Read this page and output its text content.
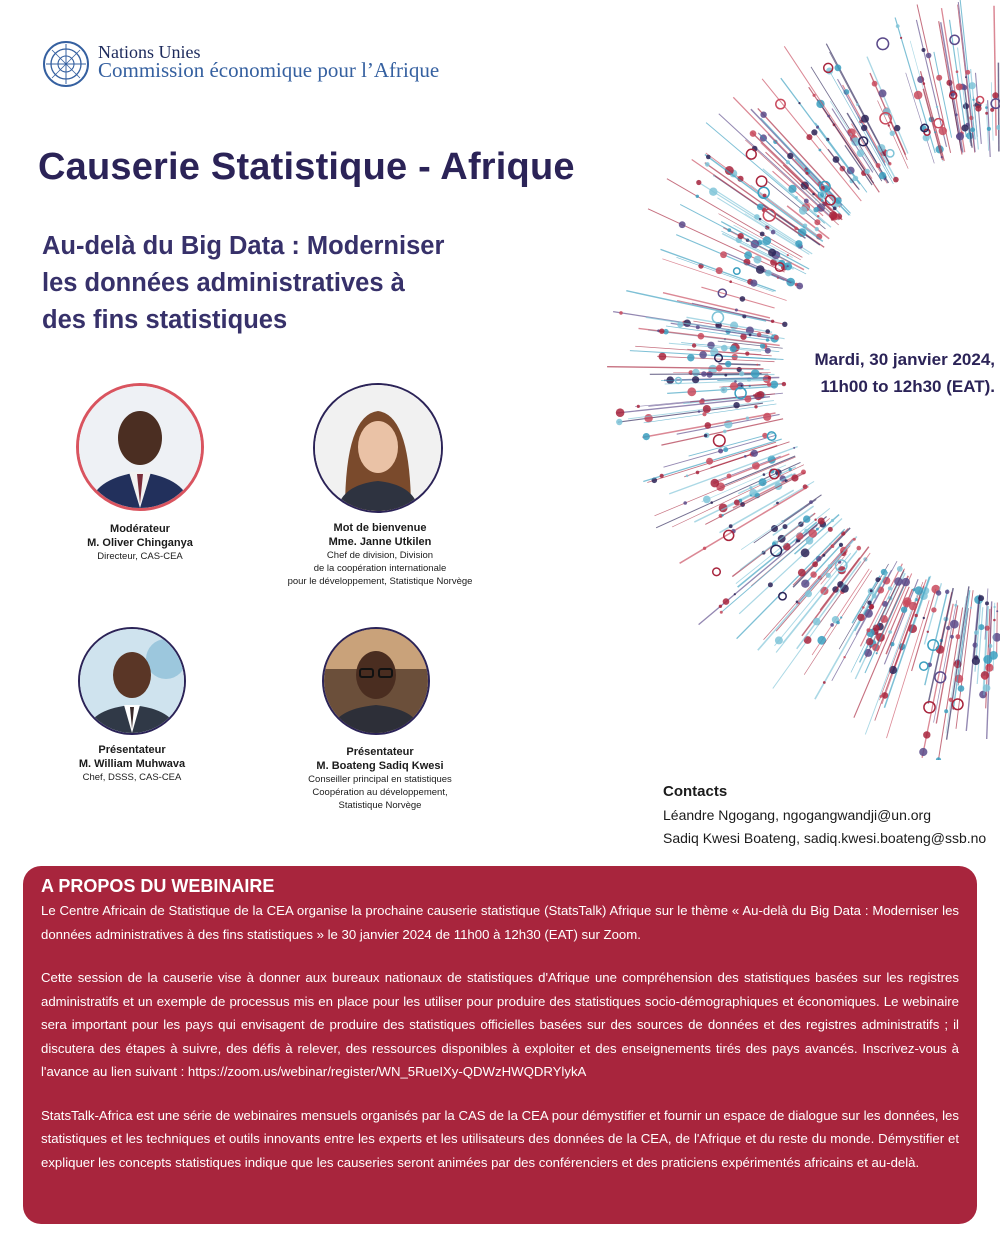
Nations Unies
Commission économique pour l’Afrique
Causerie Statistique - Afrique
Au-delà du Big Data : Moderniser
les données administratives à
des fins statistiques
Mardi, 30 janvier 2024,
11h00 to 12h30 (EAT).
Modérateur
M. Oliver Chinganya
Directeur, CAS-CEA
Mot de bienvenue
Mme. Janne Utkilen
Chef de division, Division
de la coopération internationale
pour le développement, Statistique Norvège
Présentateur
M. William Muhwava
Chef, DSSS, CAS-CEA
Présentateur
M. Boateng Sadiq Kwesi
Conseiller principal en statistiques
Coopération au développement,
Statistique Norvège
Contacts
Léandre Ngogang, ngogangwandji@un.org
Sadiq Kwesi Boateng, sadiq.kwesi.boateng@ssb.no
A PROPOS DU WEBINAIRE

Le Centre Africain de Statistique de la CEA organise la prochaine causerie statistique (StatsTalk) Afrique sur le thème « Au-delà du Big Data : Moderniser les données administratives à des fins statistiques » le 30 janvier 2024 de 11h00 à 12h30 (EAT) sur Zoom.

Cette session de la causerie vise à donner aux bureaux nationaux de statistiques d'Afrique une compréhension des statistiques basées sur les registres administratifs et un exemple de processus mis en place pour les utiliser pour produire des statistiques socio-démographiques et économiques. Le webinaire sera important pour les pays qui envisagent de produire des statistiques officielles basées sur des sources de données et des registres administratifs ; il discutera des étapes à suivre, des défis à relever, des ressources disponibles à exploiter et des enseignements tirés des pays avancés. Inscrivez-vous à l'avance au lien suivant : https://zoom.us/webinar/register/WN_5RueIXy-QDWzHWQDRYlykA

StatsTalk-Africa est une série de webinaires mensuels organisés par la CAS de la CEA pour démystifier et fournir un espace de dialogue sur les données, les statistiques et les techniques et outils innovants entre les experts et les utilisateurs des données de la CEA, de l'Afrique et du reste du monde. Démystifier et expliquer les concepts statistiques indique que les causeries seront animées par des conférenciers et des praticiens expérimentés africains et au-delà.
